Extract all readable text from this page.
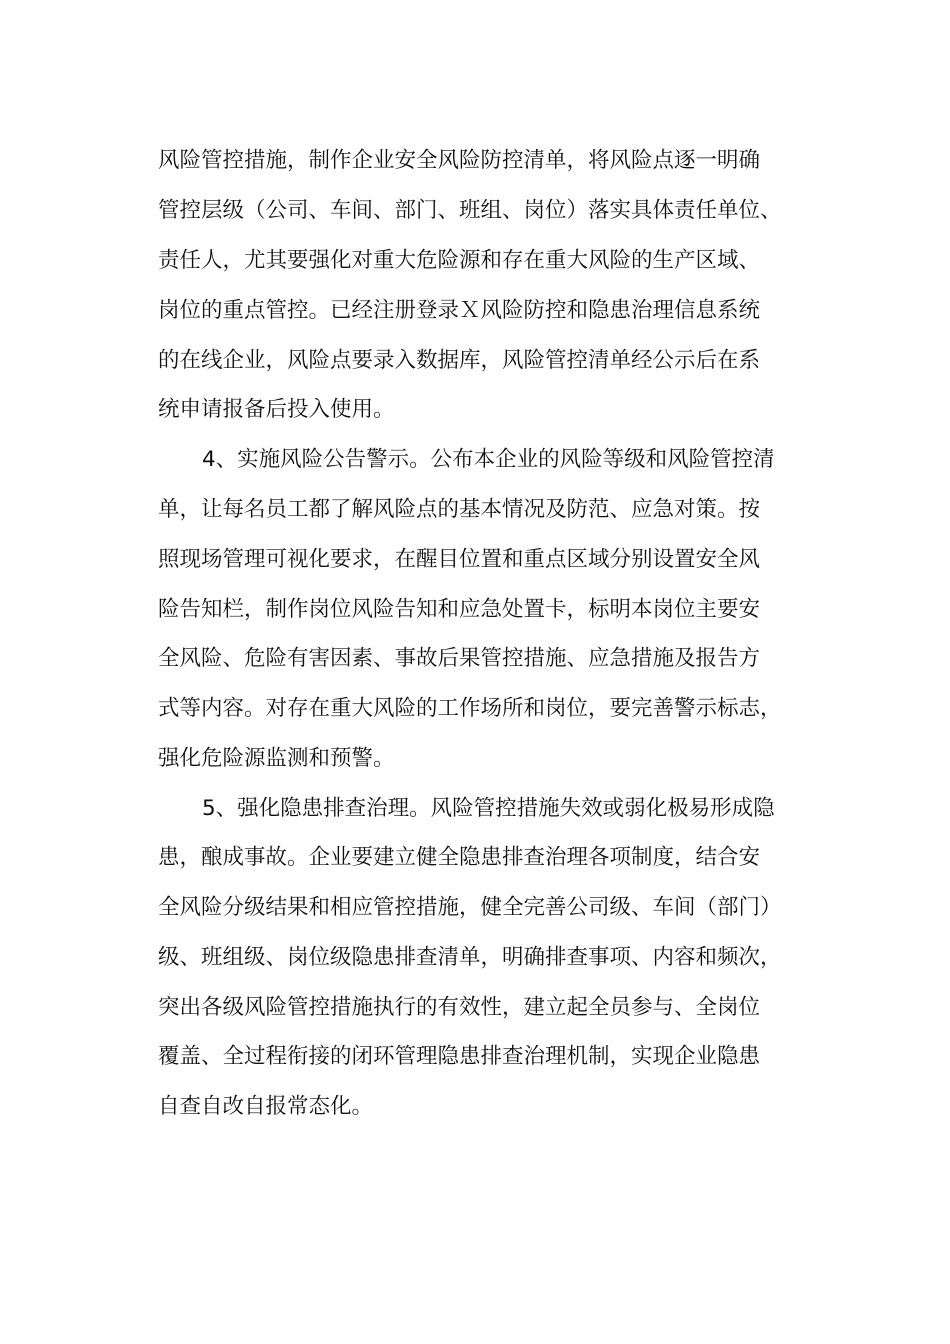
风险管控措施，制作企业安全风险防控清单，将风险点逐一明确
管控层级（公司、车间、部门、班组、岗位）落实具体责任单位、
责任人，尤其要强化对重大危险源和存在重大风险的生产区域、
岗位的重点管控。已经注册登录Ｘ风险防控和隐患治理信息系统
的在线企业，风险点要录入数据库，风险管控清单经公示后在系
统申请报备后投入使用。
4、实施风险公告警示。公布本企业的风险等级和风险管控清
单，让每名员工都了解风险点的基本情况及防范、应急对策。按
照现场管理可视化要求，在醒目位置和重点区域分别设置安全风
险告知栏，制作岗位风险告知和应急处置卡，标明本岗位主要安
全风险、危险有害因素、事故后果管控措施、应急措施及报告方
式等内容。对存在重大风险的工作场所和岗位，要完善警示标志，
强化危险源监测和预警。
5、强化隐患排查治理。风险管控措施失效或弱化极易形成隐
患，酿成事故。企业要建立健全隐患排查治理各项制度，结合安
全风险分级结果和相应管控措施，健全完善公司级、车间（部门）
级、班组级、岗位级隐患排查清单，明确排查事项、内容和频次，
突出各级风险管控措施执行的有效性，建立起全员参与、全岗位
覆盖、全过程衔接的闭环管理隐患排查治理机制，实现企业隐患
自查自改自报常态化。
